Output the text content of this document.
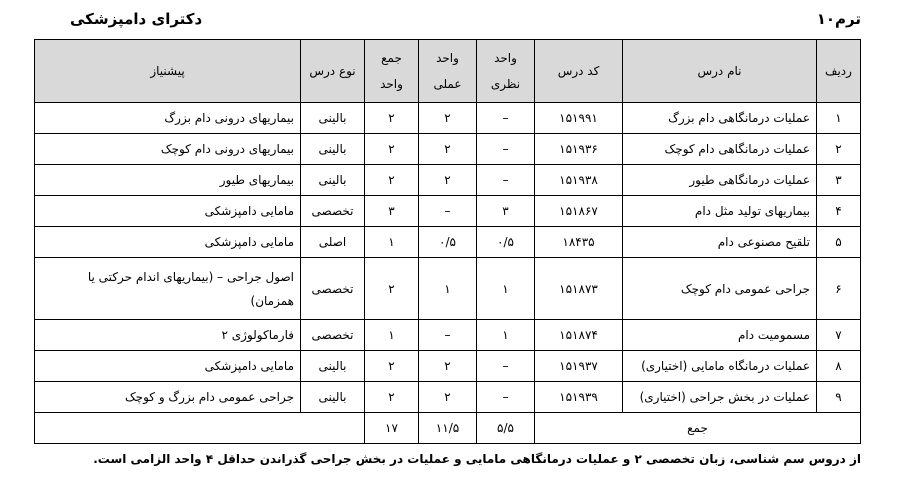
ترم۱۰
دکترای دامپزشکی
ردیف	نام درس	کد درس	واحد نظری	واحد عملی	جمع واحد	نوع درس	پیشنیاز
۱	عملیات درمانگاهی دام بزرگ	۱۵۱۹۹۱	–	۲	۲	بالینی	بیماریهای درونی دام بزرگ
۲	عملیات درمانگاهی دام کوچک	۱۵۱۹۳۶	–	۲	۲	بالینی	بیماریهای درونی دام کوچک
۳	عملیات درمانگاهی طیور	۱۵۱۹۳۸	–	۲	۲	بالینی	بیماریهای طیور
۴	بیماریهای تولید مثل دام	۱۵۱۸۶۷	۳	–	۳	تخصصی	مامایی دامپزشکی
۵	تلقیح مصنوعی دام	۱۸۴۳۵	۰/۵	۰/۵	۱	اصلی	مامایی دامپزشکی
۶	جراحی عمومی دام کوچک	۱۵۱۸۷۳	۱	۱	۲	تخصصی	اصول جراحی – (بیماریهای اندام حرکتی یا همزمان)
۷	مسمومیت دام	۱۵۱۸۷۴	۱	–	۱	تخصصی	فارماکولوژی ۲
۸	عملیات درمانگاه مامایی (اختیاری)	۱۵۱۹۳۷	–	۲	۲	بالینی	مامایی دامپزشکی
۹	عملیات در بخش جراحی (اختیاری)	۱۵۱۹۳۹	–	۲	۲	بالینی	جراحی عمومی دام بزرگ و کوچک
جمع			۵/۵	۱۱/۵	۱۷		
از دروس سم شناسی، زبان تخصصی ۲ و عملیات درمانگاهی مامایی و عملیات در بخش جراحی گذراندن حداقل ۴ واحد الزامی است.
